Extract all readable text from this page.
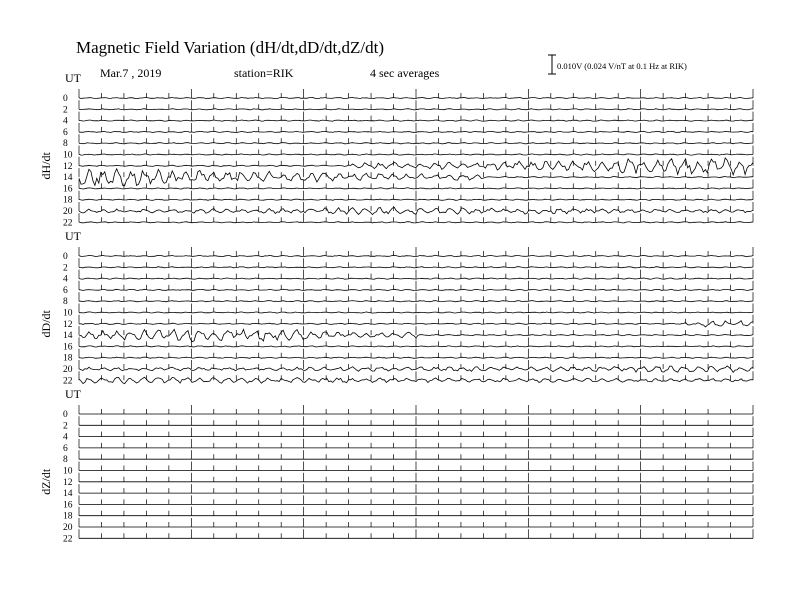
Magnetic Field Variation (dH/dt,dD/dt,dZ/dt)
Mar.7 , 2019	station=RIK	4 sec averages	0.010V (0.024 V/nT at 0.1 Hz at RIK)
UT
dH/dt
0
2
4
6
8
10
12
14
16
18
20
22
UT
dD/dt
0
2
4
6
8
10
12
14
16
18
20
22
UT
dZ/dt
0
2
4
6
8
10
12
14
16
18
20
22
